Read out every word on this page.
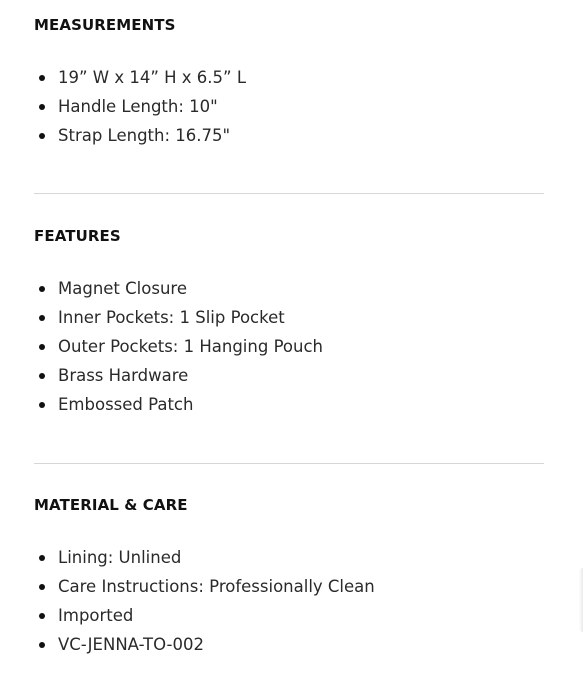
MEASUREMENTS
19” W x 14” H x 6.5” L
Handle Length: 10"
Strap Length: 16.75"
FEATURES
Magnet Closure
Inner Pockets: 1 Slip Pocket
Outer Pockets: 1 Hanging Pouch
Brass Hardware
Embossed Patch
MATERIAL & CARE
Lining: Unlined
Care Instructions: Professionally Clean
Imported
VC-JENNA-TO-002
